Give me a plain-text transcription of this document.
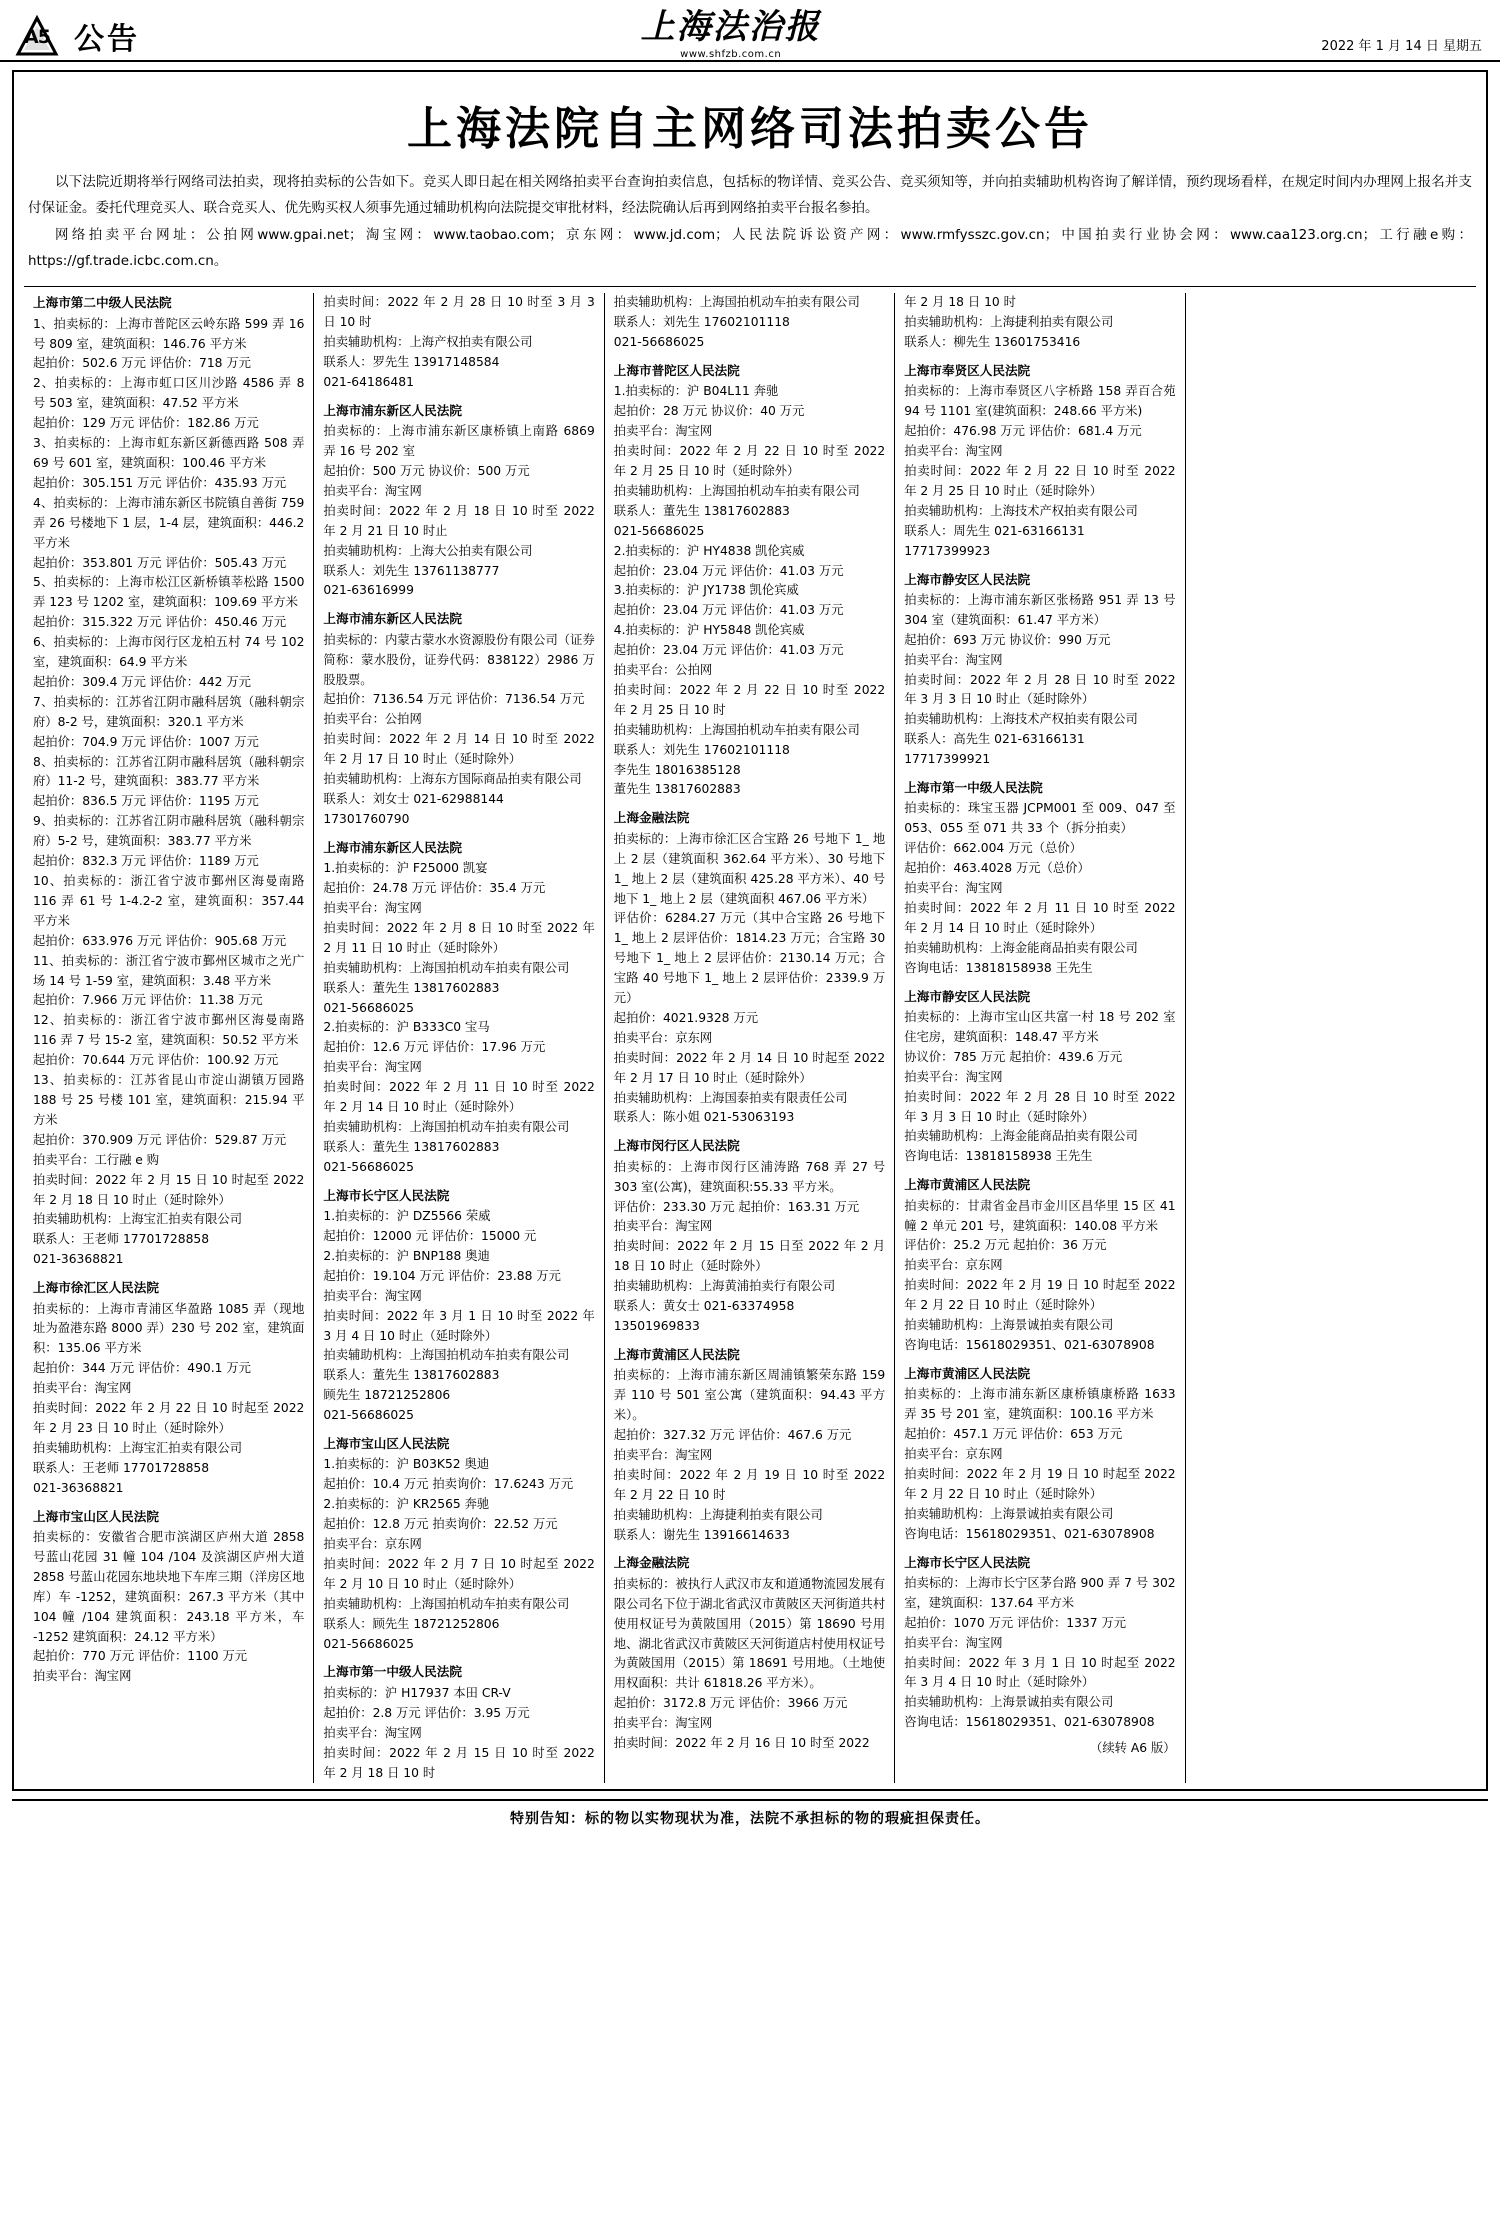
A5 公告	上海法治报
www.shfzb.com.cn
2022 年 1 月 14 日 星期五
上海法院自主网络司法拍卖公告

以下法院近期将举行网络司法拍卖，现将拍卖标的公告如下。竞买人即日起在相关网络拍卖平台查询拍卖信息，包括标的物详情、竞买公告、竞买须知等，并向拍卖辅助机构咨询了解详情，预约现场看样，在规定时间内办理网上报名并支付保证金。委托代理竞买人、联合竞买人、优先购买权人须事先通过辅助机构向法院提交审批材料，经法院确认后再到网络拍卖平台报名参拍。

网络拍卖平台网址：公拍网www.gpai.net；淘宝网：www.taobao.com；京东网：www.jd.com；人民法院诉讼资产网：www.rmfysszc.gov.cn；中国拍卖行业协会网：www.caa123.org.cn；工行融e购：https://gf.trade.icbc.com.cn。

上海市第二中级人民法院

1、拍卖标的：上海市普陀区云岭东路 599 弄 16 号 809 室，建筑面积：146.76 平方米

起拍价：502.6 万元 评估价：718 万元

2、拍卖标的：上海市虹口区川沙路 4586 弄 8 号 503 室，建筑面积：47.52 平方米

起拍价：129 万元 评估价：182.86 万元

3、拍卖标的：上海市虹东新区新德西路 508 弄 69 号 601 室，建筑面积：100.46 平方米

起拍价：305.151 万元 评估价：435.93 万元

4、拍卖标的：上海市浦东新区书院镇自善街 759 弄 26 号楼地下 1 层，1-4 层，建筑面积：446.2 平方米

起拍价：353.801 万元 评估价：505.43 万元

5、拍卖标的：上海市松江区新桥镇莘松路 1500 弄 123 号 1202 室，建筑面积：109.69 平方米

起拍价：315.322 万元 评估价：450.46 万元

6、拍卖标的：上海市闵行区龙柏五村 74 号 102 室，建筑面积：64.9 平方米

起拍价：309.4 万元 评估价：442 万元

7、拍卖标的：江苏省江阴市融科居筑（融科朝宗府）8-2 号，建筑面积：320.1 平方米

起拍价：704.9 万元 评估价：1007 万元

8、拍卖标的：江苏省江阴市融科居筑（融科朝宗府）11-2 号，建筑面积：383.77 平方米

起拍价：836.5 万元 评估价：1195 万元

9、拍卖标的：江苏省江阴市融科居筑（融科朝宗府）5-2 号，建筑面积：383.77 平方米

起拍价：832.3 万元 评估价：1189 万元

10、拍卖标的：浙江省宁波市鄞州区海曼南路 116 弄 61 号 1-4.2-2 室，建筑面积：357.44 平方米

起拍价：633.976 万元 评估价：905.68 万元

11、拍卖标的：浙江省宁波市鄞州区城市之光广场 14 号 1-59 室，建筑面积：3.48 平方米

起拍价：7.966 万元 评估价：11.38 万元

12、拍卖标的：浙江省宁波市鄞州区海曼南路 116 弄 7 号 15-2 室，建筑面积：50.52 平方米

起拍价：70.644 万元 评估价：100.92 万元

13、拍卖标的：江苏省昆山市淀山湖镇万园路 188 号 25 号楼 101 室，建筑面积：215.94 平方米

起拍价：370.909 万元 评估价：529.87 万元

拍卖平台：工行融 e 购

拍卖时间：2022 年 2 月 15 日 10 时起至 2022 年 2 月 18 日 10 时止（延时除外）

拍卖辅助机构：上海宝汇拍卖有限公司

联系人：王老师 17701728858

021-36368821

上海市徐汇区人民法院

拍卖标的：上海市青浦区华盈路 1085 弄（现地址为盈港东路 8000 弄）230 号 202 室，建筑面积：135.06 平方米

起拍价：344 万元 评估价：490.1 万元

拍卖平台：淘宝网

拍卖时间：2022 年 2 月 22 日 10 时起至 2022 年 2 月 23 日 10 时止（延时除外）

拍卖辅助机构：上海宝汇拍卖有限公司

联系人：王老师 17701728858

021-36368821

上海市宝山区人民法院

拍卖标的：安徽省合肥市滨湖区庐州大道 2858 号蓝山花园 31 幢 104 /104 及滨湖区庐州大道 2858 号蓝山花园东地块地下车库三期（洋房区地库）车 -1252，建筑面积：267.3 平方米（其中 104 幢 /104 建筑面积：243.18 平方米，车 -1252 建筑面积：24.12 平方米）

起拍价：770 万元 评估价：1100 万元

拍卖平台：淘宝网

拍卖时间：2022 年 2 月 28 日 10 时至 3 月 3 日 10 时

拍卖辅助机构：上海产权拍卖有限公司

联系人：罗先生 13917148584

021-64186481

上海市浦东新区人民法院

拍卖标的：上海市浦东新区康桥镇上南路 6869 弄 16 号 202 室

起拍价：500 万元 协议价：500 万元

拍卖平台：淘宝网

拍卖时间：2022 年 2 月 18 日 10 时至 2022 年 2 月 21 日 10 时止

拍卖辅助机构：上海大公拍卖有限公司

联系人：刘先生 13761138777

021-63616999

上海市浦东新区人民法院

拍卖标的：内蒙古蒙水水资源股份有限公司（证券简称：蒙水股份，证券代码：838122）2986 万股股票。

起拍价：7136.54 万元 评估价：7136.54 万元

拍卖平台：公拍网

拍卖时间：2022 年 2 月 14 日 10 时至 2022 年 2 月 17 日 10 时止（延时除外）

拍卖辅助机构：上海东方国际商品拍卖有限公司

联系人：刘女士 021-62988144

17301760790

上海市浦东新区人民法院

1.拍卖标的：沪 F25000 凯宴

起拍价：24.78 万元 评估价：35.4 万元

拍卖平台：淘宝网

拍卖时间：2022 年 2 月 8 日 10 时至 2022 年 2 月 11 日 10 时止（延时除外）

拍卖辅助机构：上海国拍机动车拍卖有限公司

联系人：董先生 13817602883

021-56686025

2.拍卖标的：沪 B333C0 宝马

起拍价：12.6 万元 评估价：17.96 万元

拍卖平台：淘宝网

拍卖时间：2022 年 2 月 11 日 10 时至 2022 年 2 月 14 日 10 时止（延时除外）

拍卖辅助机构：上海国拍机动车拍卖有限公司

联系人：董先生 13817602883

021-56686025

上海市长宁区人民法院

1.拍卖标的：沪 DZ5566 荣威

起拍价：12000 元 评估价：15000 元

2.拍卖标的：沪 BNP188 奥迪

起拍价：19.104 万元 评估价：23.88 万元

拍卖平台：淘宝网

拍卖时间：2022 年 3 月 1 日 10 时至 2022 年 3 月 4 日 10 时止（延时除外）

拍卖辅助机构：上海国拍机动车拍卖有限公司

联系人：董先生 13817602883

顾先生 18721252806

021-56686025

上海市宝山区人民法院

1.拍卖标的：沪 B03K52 奥迪

起拍价：10.4 万元 拍卖询价：17.6243 万元

2.拍卖标的：沪 KR2565 奔驰

起拍价：12.8 万元 拍卖询价：22.52 万元

拍卖平台：京东网

拍卖时间：2022 年 2 月 7 日 10 时起至 2022 年 2 月 10 日 10 时止（延时除外）

拍卖辅助机构：上海国拍机动车拍卖有限公司

联系人：顾先生 18721252806

021-56686025

上海市第一中级人民法院

拍卖标的：沪 H17937 本田 CR-V

起拍价：2.8 万元 评估价：3.95 万元

拍卖平台：淘宝网

拍卖时间：2022 年 2 月 15 日 10 时至 2022 年 2 月 18 日 10 时

拍卖辅助机构：上海国拍机动车拍卖有限公司

联系人：刘先生 17602101118

021-56686025

上海市普陀区人民法院

1.拍卖标的：沪 B04L11 奔驰

起拍价：28 万元 协议价：40 万元

拍卖平台：淘宝网

拍卖时间：2022 年 2 月 22 日 10 时至 2022 年 2 月 25 日 10 时（延时除外）

拍卖辅助机构：上海国拍机动车拍卖有限公司

联系人：董先生 13817602883

021-56686025

2.拍卖标的：沪 HY4838 凯伦宾威

起拍价：23.04 万元 评估价：41.03 万元

3.拍卖标的：沪 JY1738 凯伦宾威

起拍价：23.04 万元 评估价：41.03 万元

4.拍卖标的：沪 HY5848 凯伦宾威

起拍价：23.04 万元 评估价：41.03 万元

拍卖平台：公拍网

拍卖时间：2022 年 2 月 22 日 10 时至 2022 年 2 月 25 日 10 时

拍卖辅助机构：上海国拍机动车拍卖有限公司

联系人：刘先生 17602101118

李先生 18016385128

董先生 13817602883

上海金融法院

拍卖标的：上海市徐汇区合宝路 26 号地下 1_ 地上 2 层（建筑面积 362.64 平方米）、30 号地下 1_ 地上 2 层（建筑面积 425.28 平方米）、40 号地下 1_ 地上 2 层（建筑面积 467.06 平方米）

评估价：6284.27 万元（其中合宝路 26 号地下 1_ 地上 2 层评估价：1814.23 万元；合宝路 30 号地下 1_ 地上 2 层评估价：2130.14 万元；合宝路 40 号地下 1_ 地上 2 层评估价：2339.9 万元）

起拍价：4021.9328 万元

拍卖平台：京东网

拍卖时间：2022 年 2 月 14 日 10 时起至 2022 年 2 月 17 日 10 时止（延时除外）

拍卖辅助机构：上海国泰拍卖有限责任公司

联系人：陈小姐 021-53063193

上海市闵行区人民法院

拍卖标的：上海市闵行区浦涛路 768 弄 27 号 303 室(公寓)，建筑面积:55.33 平方米。

评估价：233.30 万元 起拍价：163.31 万元

拍卖平台：淘宝网

拍卖时间：2022 年 2 月 15 日至 2022 年 2 月 18 日 10 时止（延时除外）

拍卖辅助机构：上海黄浦拍卖行有限公司

联系人：黄女士 021-63374958

13501969833

上海市黄浦区人民法院

拍卖标的：上海市浦东新区周浦镇繁荣东路 159 弄 110 号 501 室公寓（建筑面积：94.43 平方米）。

起拍价：327.32 万元 评估价：467.6 万元

拍卖平台：淘宝网

拍卖时间：2022 年 2 月 19 日 10 时至 2022 年 2 月 22 日 10 时

拍卖辅助机构：上海捷利拍卖有限公司

联系人：谢先生 13916614633

上海金融法院

拍卖标的：被执行人武汉市友和道通物流园发展有限公司名下位于湖北省武汉市黄陂区天河街道共村使用权证号为黄陂国用（2015）第 18690 号用地、湖北省武汉市黄陂区天河街道店村使用权证号为黄陂国用（2015）第 18691 号用地。（土地使用权面积：共计 61818.26 平方米）。

起拍价：3172.8 万元 评估价：3966 万元

拍卖平台：淘宝网

拍卖时间：2022 年 2 月 16 日 10 时至 2022

年 2 月 18 日 10 时

拍卖辅助机构：上海捷利拍卖有限公司

联系人：柳先生 13601753416

上海市奉贤区人民法院

拍卖标的：上海市奉贤区八字桥路 158 弄百合苑 94 号 1101 室(建筑面积：248.66 平方米)

起拍价：476.98 万元 评估价：681.4 万元

拍卖平台：淘宝网

拍卖时间：2022 年 2 月 22 日 10 时至 2022 年 2 月 25 日 10 时止（延时除外）

拍卖辅助机构：上海技术产权拍卖有限公司

联系人：周先生 021-63166131

17717399923

上海市静安区人民法院

拍卖标的：上海市浦东新区张杨路 951 弄 13 号 304 室（建筑面积：61.47 平方米）

起拍价：693 万元 协议价：990 万元

拍卖平台：淘宝网

拍卖时间：2022 年 2 月 28 日 10 时至 2022 年 3 月 3 日 10 时止（延时除外）

拍卖辅助机构：上海技术产权拍卖有限公司

联系人：高先生 021-63166131

17717399921

上海市第一中级人民法院

拍卖标的：珠宝玉器 JCPM001 至 009、047 至 053、055 至 071 共 33 个（拆分拍卖）

评估价：662.004 万元（总价）

起拍价：463.4028 万元（总价）

拍卖平台：淘宝网

拍卖时间：2022 年 2 月 11 日 10 时至 2022 年 2 月 14 日 10 时止（延时除外）

拍卖辅助机构：上海金能商品拍卖有限公司

咨询电话：13818158938 王先生

上海市静安区人民法院

拍卖标的：上海市宝山区共富一村 18 号 202 室住宅房，建筑面积：148.47 平方米

协议价：785 万元 起拍价：439.6 万元

拍卖平台：淘宝网

拍卖时间：2022 年 2 月 28 日 10 时至 2022 年 3 月 3 日 10 时止（延时除外）

拍卖辅助机构：上海金能商品拍卖有限公司

咨询电话：13818158938 王先生

上海市黄浦区人民法院

拍卖标的：甘肃省金昌市金川区昌华里 15 区 41 幢 2 单元 201 号，建筑面积：140.08 平方米

评估价：25.2 万元 起拍价：36 万元

拍卖平台：京东网

拍卖时间：2022 年 2 月 19 日 10 时起至 2022 年 2 月 22 日 10 时止（延时除外）

拍卖辅助机构：上海景诚拍卖有限公司

咨询电话：15618029351、021-63078908

上海市黄浦区人民法院

拍卖标的：上海市浦东新区康桥镇康桥路 1633 弄 35 号 201 室，建筑面积：100.16 平方米

起拍价：457.1 万元 评估价：653 万元

拍卖平台：京东网

拍卖时间：2022 年 2 月 19 日 10 时起至 2022 年 2 月 22 日 10 时止（延时除外）

拍卖辅助机构：上海景诚拍卖有限公司

咨询电话：15618029351、021-63078908

上海市长宁区人民法院

拍卖标的：上海市长宁区茅台路 900 弄 7 号 302 室，建筑面积：137.64 平方米

起拍价：1070 万元 评估价：1337 万元

拍卖平台：淘宝网

拍卖时间：2022 年 3 月 1 日 10 时起至 2022 年 3 月 4 日 10 时止（延时除外）

拍卖辅助机构：上海景诚拍卖有限公司

咨询电话：15618029351、021-63078908

（续转 A6 版）

特别告知：标的物以实物现状为准，法院不承担标的物的瑕疵担保责任。
